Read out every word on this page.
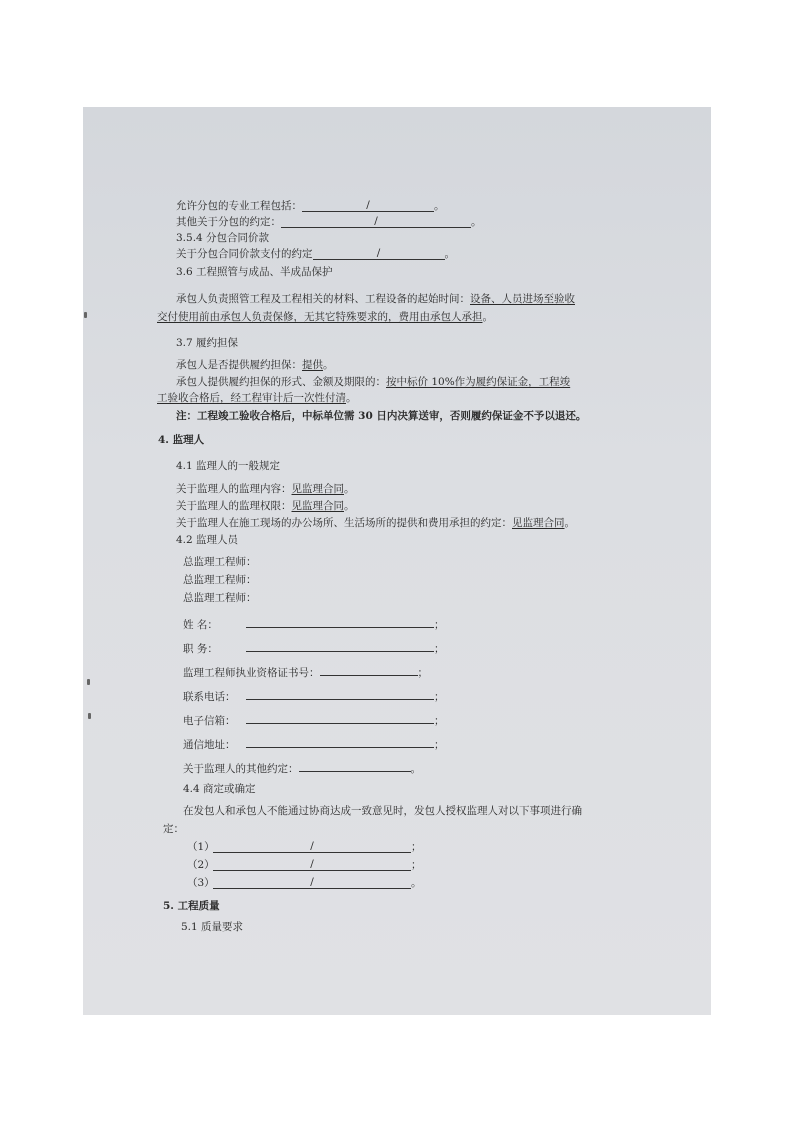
允许分包的专业工程包括：	/	。
其他关于分包的约定：	/	。
3.5.4 分包合同价款
关于分包合同价款支付的约定	/	。
3.6 工程照管与成品、半成品保护
承包人负责照管工程及工程相关的材料、工程设备的起始时间：设备、人员进场至验收
交付使用前由承包人负责保修，无其它特殊要求的，费用由承包人承担。
3.7 履约担保
承包人是否提供履约担保：提供。
承包人提供履约担保的形式、金额及期限的：按中标价 10%作为履约保证金，工程竣
工验收合格后，经工程审计后一次性付清。
注：工程竣工验收合格后，中标单位需 30 日内决算送审，否则履约保证金不予以退还。
4. 监理人
4.1 监理人的一般规定
关于监理人的监理内容：见监理合同。
关于监理人的监理权限：见监理合同。
关于监理人在施工现场的办公场所、生活场所的提供和费用承担的约定：见监理合同。
4.2 监理人员
总监理工程师：
总监理工程师：
总监理工程师：
姓 名：	；
职 务：	；
监理工程师执业资格证书号：	；
联系电话：	；
电子信箱：	；
通信地址：	；
关于监理人的其他约定：	。
4.4 商定或确定
在发包人和承包人不能通过协商达成一致意见时，发包人授权监理人对以下事项进行确
定：
（1）	/	；
（2）	/	；
（3）	/	。
5. 工程质量
5.1 质量要求
